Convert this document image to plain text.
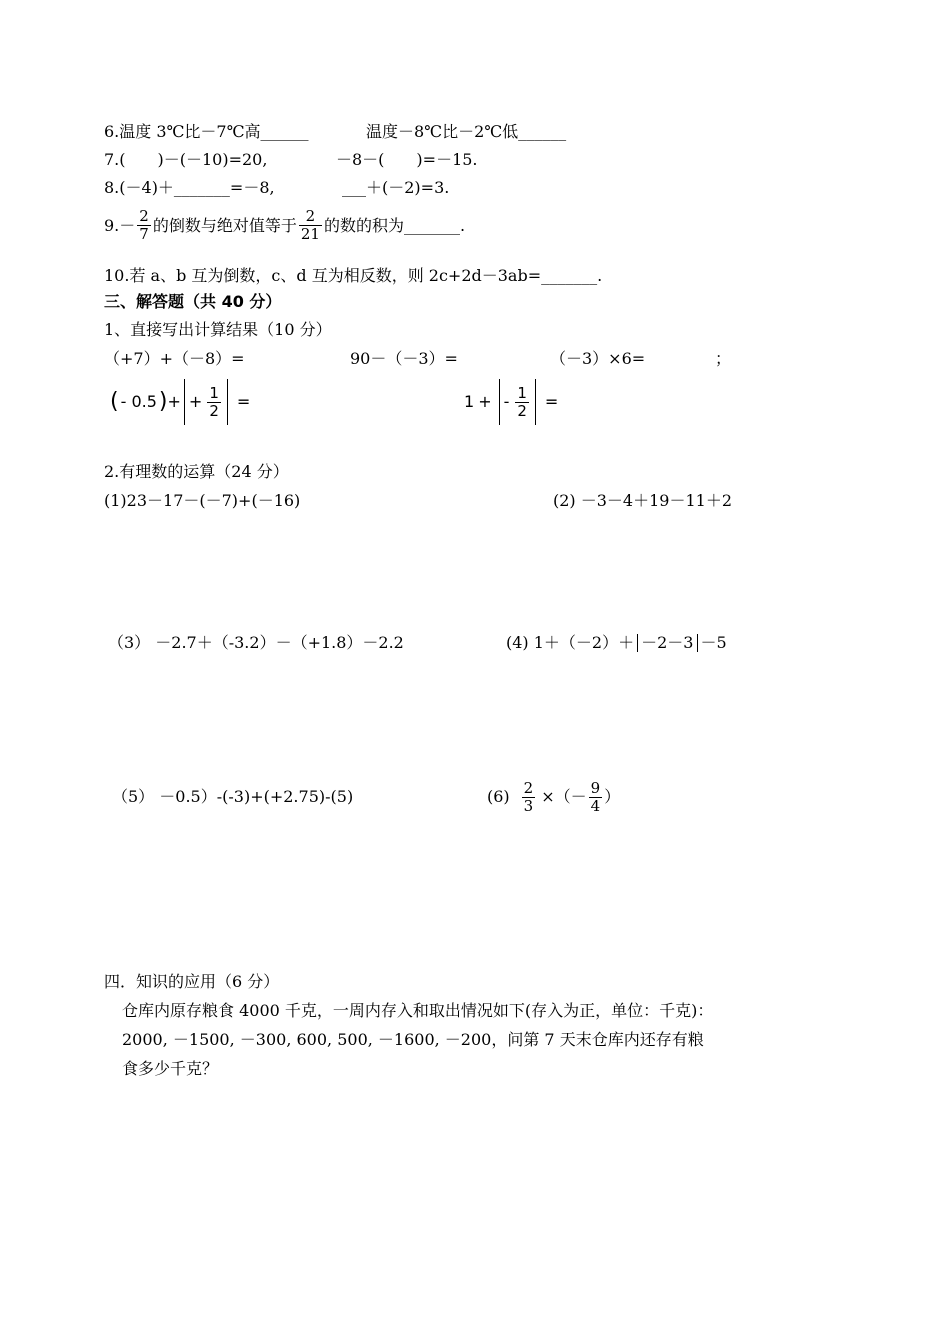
6.温度 3℃比－7℃高______	温度－8℃比－2℃低______
7.(　　)－(－10)=20,	－8－(　　)=－15.
8.(－4)＋_______=－8,	___＋(－2)=3.
$9.- \frac{2}{7}$ 的倒数与绝对值等于 $\frac{2}{21}$ 的数的积为_______.
10.若 a、b 互为倒数，c、d 互为相反数，则 2c+2d－3ab=_______.
三、解答题（共 40 分）
1、直接写出计算结果（10 分）
（+7）+（－8）=	90－（－3）=	（－3）×6=	；
( - 0.5 ) + + $\frac{1}{2}$ =	1 + - $\frac{1}{2}$ =
2.有理数的运算（24 分）
(1)23－17－(－7)+(－16)	(2) －3－4＋19－11＋2
（3） －2.7＋（-3.2）－（+1.8）－2.2	(4) 1＋（－2）＋ －2－3 －5
（5） －0.5）-(-3)+(+2.75)-(5)	$(6) \frac{2}{3}$ ×（－ $\frac{9}{4}$ ）
四．知识的应用（6 分）
仓库内原存粮食 4000 千克，一周内存入和取出情况如下(存入为正，单位：千克)：
2000, －1500, －300, 600, 500, －1600, －200，问第 7 天末仓库内还存有粮
食多少千克？
